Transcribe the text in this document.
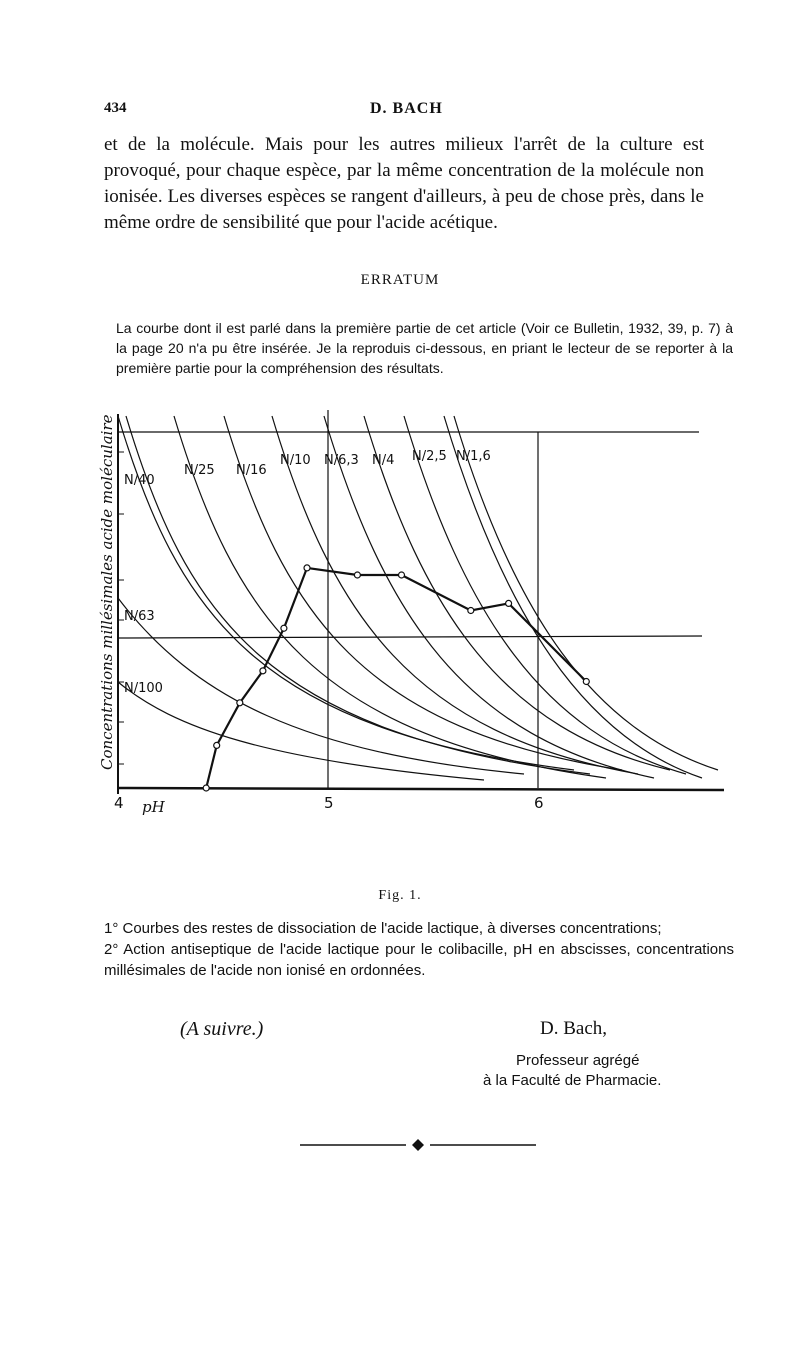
434	D. BACH

et de la molécule. Mais pour les autres milieux l'arrêt de la culture est provoqué, pour chaque espèce, par la même concentration de la molécule non ionisée. Les diverses espèces se rangent d'ailleurs, à peu de chose près, dans le même ordre de sensibilité que pour l'acide acétique.

ERRATUM

La courbe dont il est parlé dans la première partie de cet article (Voir ce Bulletin, 1932, 39, p. 7) à la page 20 n'a pu être insérée. Je la reproduis ci-dessous, en priant le lecteur de se reporter à la première partie pour la compréhension des résultats.

N/40
N/63
N/100
N/25 N/16
N/10 N/6,3 N/4 N/2,5 N/1,6
4	5	6
pH
Concentrations millésimales acide moléculaire
Fig. 1.

1° Courbes des restes de dissociation de l'acide lactique, à diverses concentrations;

2° Action antiseptique de l'acide lactique pour le colibacille, pH en abscisses, concentrations millésimales de l'acide non ionisé en ordonnées.

(A suivre.)	D. Bach,
Professeur agrégé
à la Faculté de Pharmacie.
